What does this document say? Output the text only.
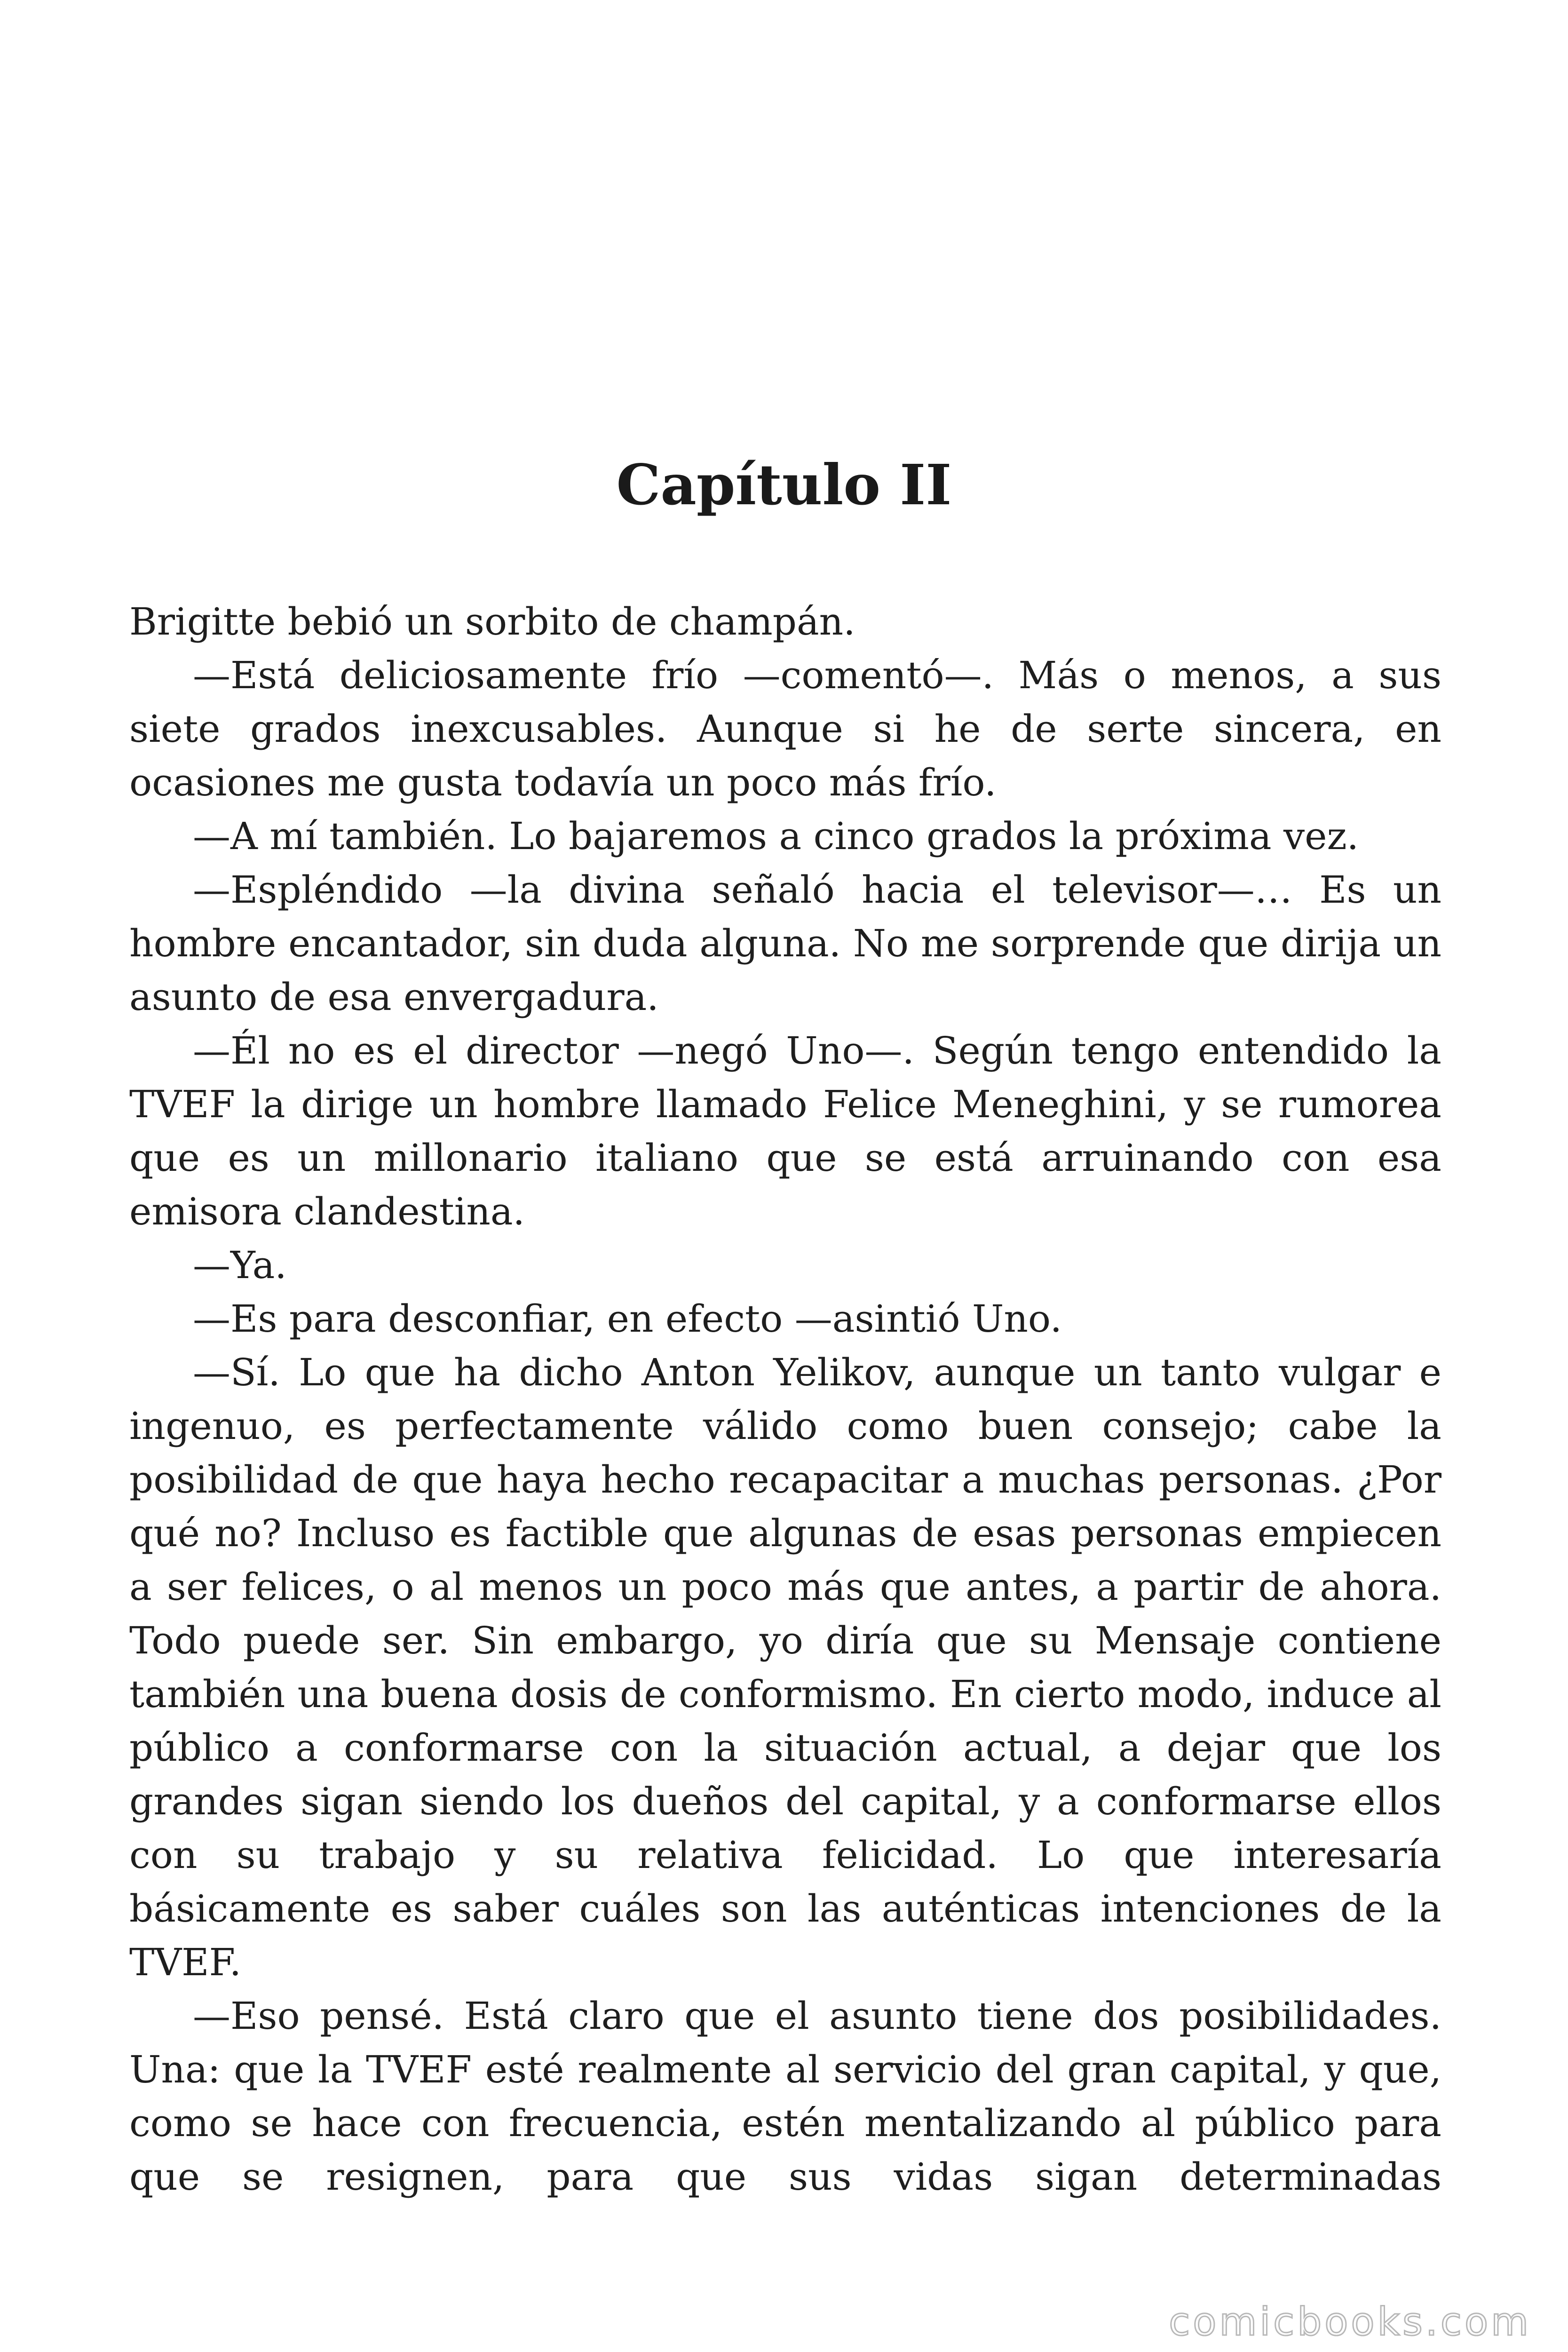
Capítulo II

Brigitte bebió un sorbito de champán.

—Está deliciosamente frío —comentó—. Más o menos, a sus siete grados inexcusables. Aunque si he de serte sincera, en ocasiones me gusta todavía un poco más frío.

—A mí también. Lo bajaremos a cinco grados la próxima vez.

—Espléndido —la divina señaló hacia el televisor—… Es un hombre encantador, sin duda alguna. No me sorprende que dirija un asunto de esa envergadura.

—Él no es el director —negó Uno—. Según tengo entendido la TVEF la dirige un hombre llamado Felice Meneghini, y se rumorea que es un millonario italiano que se está arruinando con esa emisora clandestina.

—Ya.

—Es para desconfiar, en efecto —asintió Uno.

—Sí. Lo que ha dicho Anton Yelikov, aunque un tanto vulgar e ingenuo, es perfectamente válido como buen consejo; cabe la posibilidad de que haya hecho recapacitar a muchas personas. ¿Por qué no? Incluso es factible que algunas de esas personas empiecen a ser felices, o al menos un poco más que antes, a partir de ahora. Todo puede ser. Sin embargo, yo diría que su Mensaje contiene también una buena dosis de conformismo. En cierto modo, induce al público a conformarse con la situación actual, a dejar que los grandes sigan siendo los dueños del capital, y a conformarse ellos con su trabajo y su relativa felicidad. Lo que interesaría básicamente es saber cuáles son las auténticas intenciones de la TVEF.

—Eso pensé. Está claro que el asunto tiene dos posibilidades. Una: que la TVEF esté realmente al servicio del gran capital, y que, como se hace con frecuencia, estén mentalizando al público para que se resignen, para que sus vidas sigan determinadas

comicbooks.com
